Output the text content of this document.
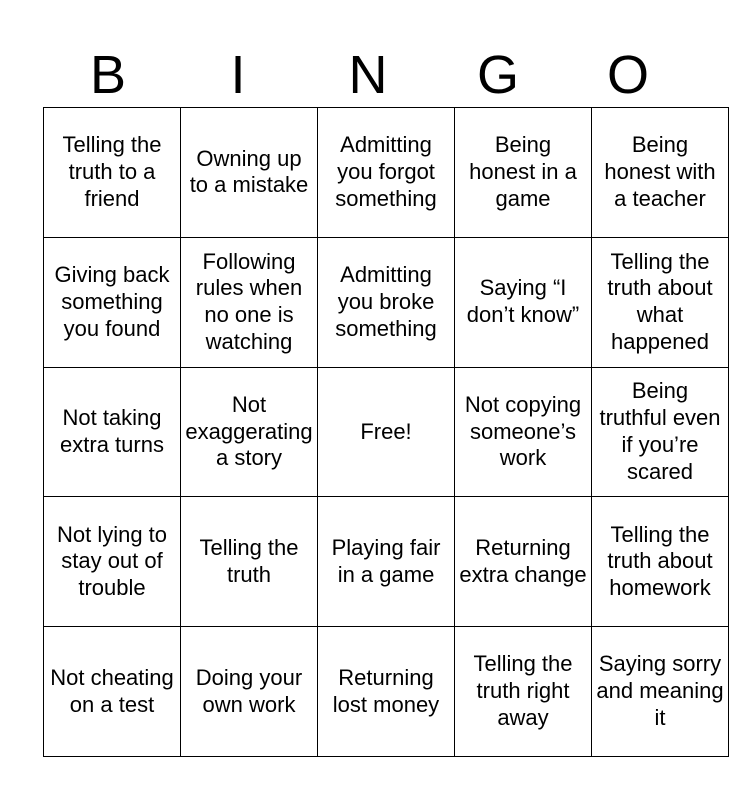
B	I	N	G	O
Telling the truth to a friend	Owning up to a mistake	Admitting you forgot something	Being honest in a game	Being honest with a teacher
Giving back something you found	Following rules when no one is watching	Admitting you broke something	Saying “I don’t know”	Telling the truth about what happened
Not taking extra turns	Not exaggerating a story	Free!	Not copying someone’s work	Being truthful even if you’re scared
Not lying to stay out of trouble	Telling the truth	Playing fair in a game	Returning extra change	Telling the truth about homework
Not cheating on a test	Doing your own work	Returning lost money	Telling the truth right away	Saying sorry and meaning it
